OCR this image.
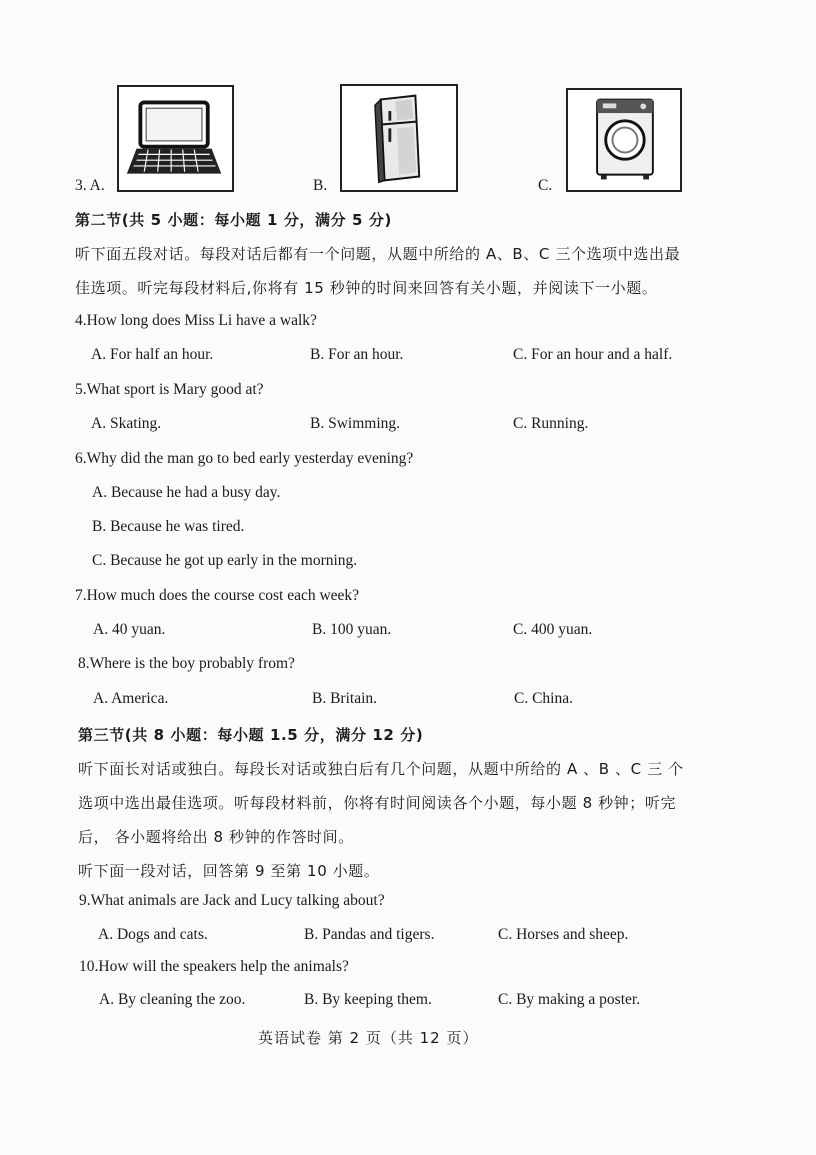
3. A.	B.	C.
第二节(共 5 小题：每小题 1 分，满分 5 分)
听下面五段对话。每段对话后都有一个问题，从题中所给的 A、B、C 三个选项中选出最
佳选项。听完每段材料后,你将有 15 秒钟的时间来回答有关小题，并阅读下一小题。
4.How long does Miss Li have a walk?
A. For half an hour.	B. For an hour.	C. For an hour and a half.
5.What sport is Mary good at?
A. Skating.	B. Swimming.	C. Running.
6.Why did the man go to bed early yesterday evening?
A. Because he had a busy day.
B. Because he was tired.
C. Because he got up early in the morning.
7.How much does the course cost each week?
A. 40 yuan.	B. 100 yuan.	C. 400 yuan.
8.Where is the boy probably from?
A. America.	B. Britain.	C. China.
第三节(共 8 小题：每小题 1.5 分，满分 12 分)
听下面长对话或独白。每段长对话或独白后有几个问题，从题中所给的 A 、B 、C 三 个
选项中选出最佳选项。听每段材料前，你将有时间阅读各个小题，每小题 8 秒钟；听完
后， 各小题将给出 8 秒钟的作答时间。
听下面一段对话，回答第 9 至第 10 小题。
9.What animals are Jack and Lucy talking about?
A. Dogs and cats.	B. Pandas and tigers.	C. Horses and sheep.
10.How will the speakers help the animals?
A. By cleaning the zoo.	B. By keeping them.	C. By making a poster.
英语试卷 第 2 页（共 12 页）
